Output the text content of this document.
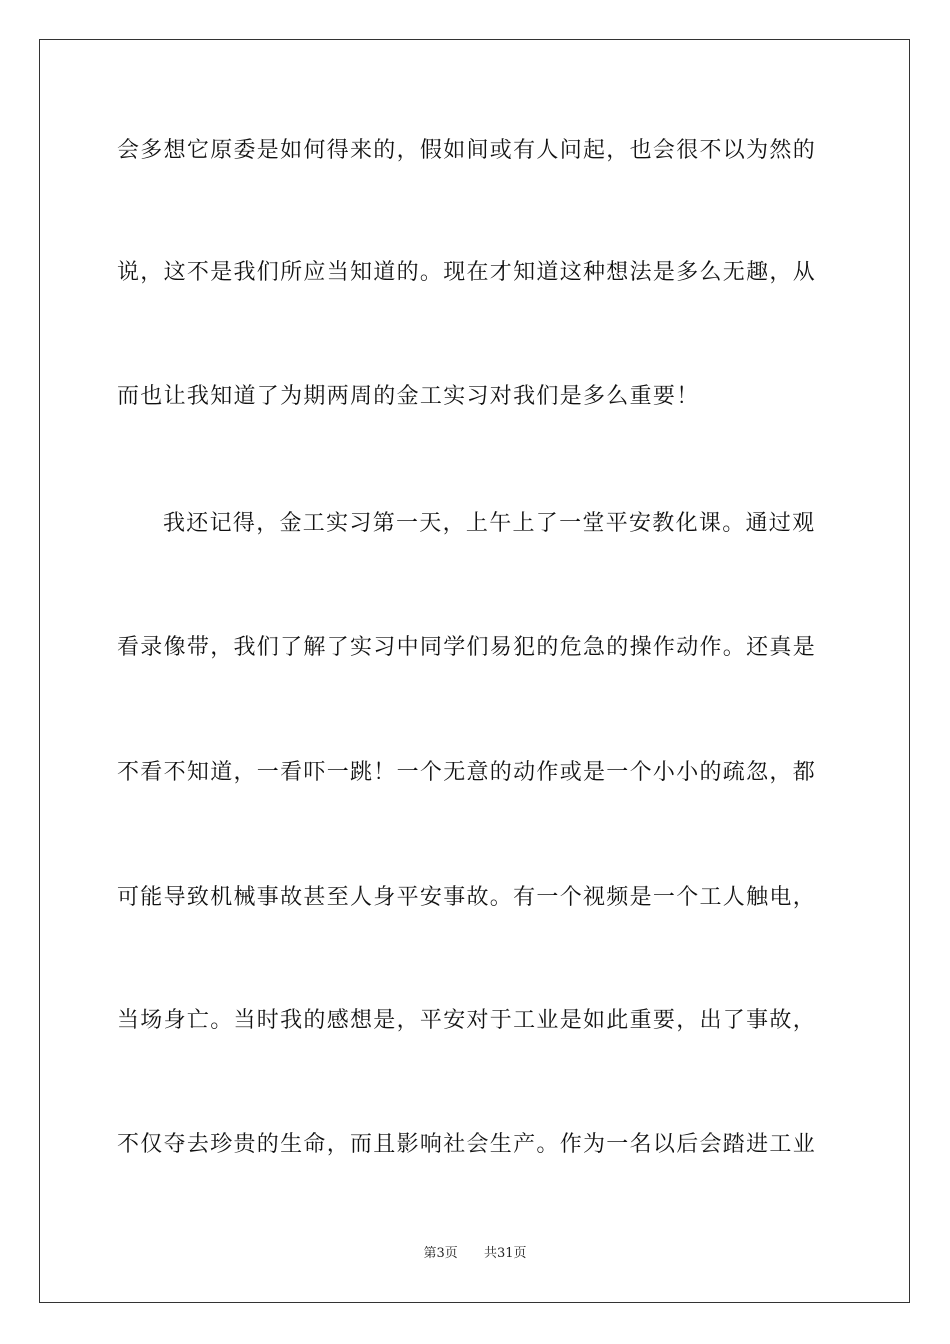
会多想它原委是如何得来的，假如间或有人问起，也会很不以为然的
说，这不是我们所应当知道的。现在才知道这种想法是多么无趣，从
而也让我知道了为期两周的金工实习对我们是多么重要！
我还记得，金工实习第一天，上午上了一堂平安教化课。通过观
看录像带，我们了解了实习中同学们易犯的危急的操作动作。还真是
不看不知道，一看吓一跳！一个无意的动作或是一个小小的疏忽，都
可能导致机械事故甚至人身平安事故。有一个视频是一个工人触电，
当场身亡。当时我的感想是，平安对于工业是如此重要，出了事故，
不仅夺去珍贵的生命，而且影响社会生产。作为一名以后会踏进工业
第3页 共31页
